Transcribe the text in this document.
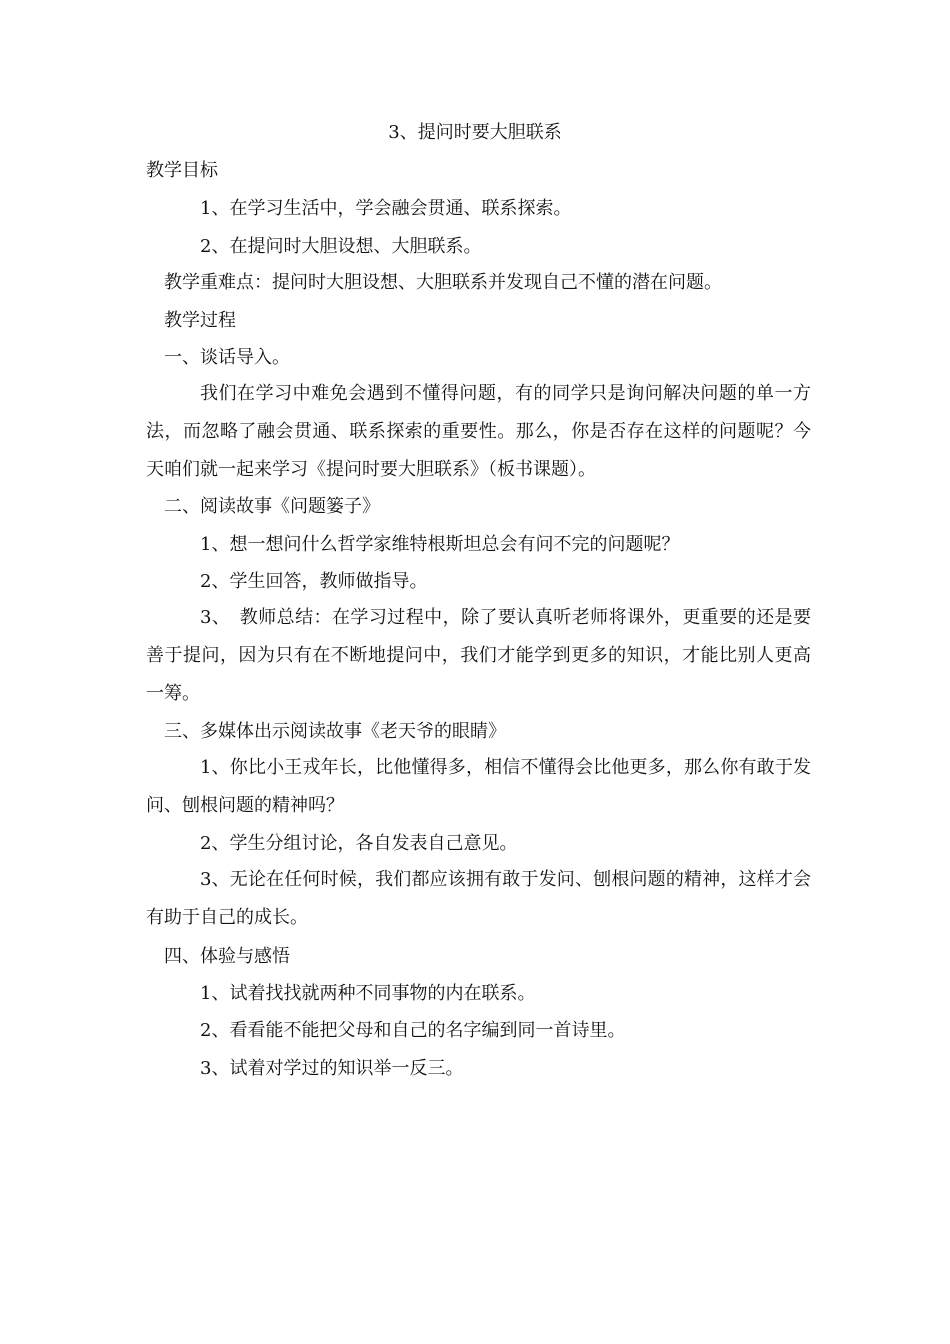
3、提问时要大胆联系
教学目标
1、在学习生活中，学会融会贯通、联系探索。
2、在提问时大胆设想、大胆联系。
教学重难点：提问时大胆设想、大胆联系并发现自己不懂的潜在问题。
教学过程
一、谈话导入。
我们在学习中难免会遇到不懂得问题，有的同学只是询问解决问题的单一方法，而忽略了融会贯通、联系探索的重要性。那么，你是否存在这样的问题呢？今天咱们就一起来学习《提问时要大胆联系》（板书课题）。
二、阅读故事《问题篓子》
1、想一想问什么哲学家维特根斯坦总会有问不完的问题呢？
2、学生回答，教师做指导。
3、　教师总结：在学习过程中，除了要认真听老师将课外，更重要的还是要善于提问，因为只有在不断地提问中，我们才能学到更多的知识，才能比别人更高一筹。
三、多媒体出示阅读故事《老天爷的眼睛》
1、你比小王戎年长，比他懂得多，相信不懂得会比他更多，那么你有敢于发问、刨根问题的精神吗？
2、学生分组讨论，各自发表自己意见。
3、无论在任何时候，我们都应该拥有敢于发问、刨根问题的精神，这样才会有助于自己的成长。
四、体验与感悟
1、试着找找就两种不同事物的内在联系。
2、看看能不能把父母和自己的名字编到同一首诗里。
3、试着对学过的知识举一反三。
